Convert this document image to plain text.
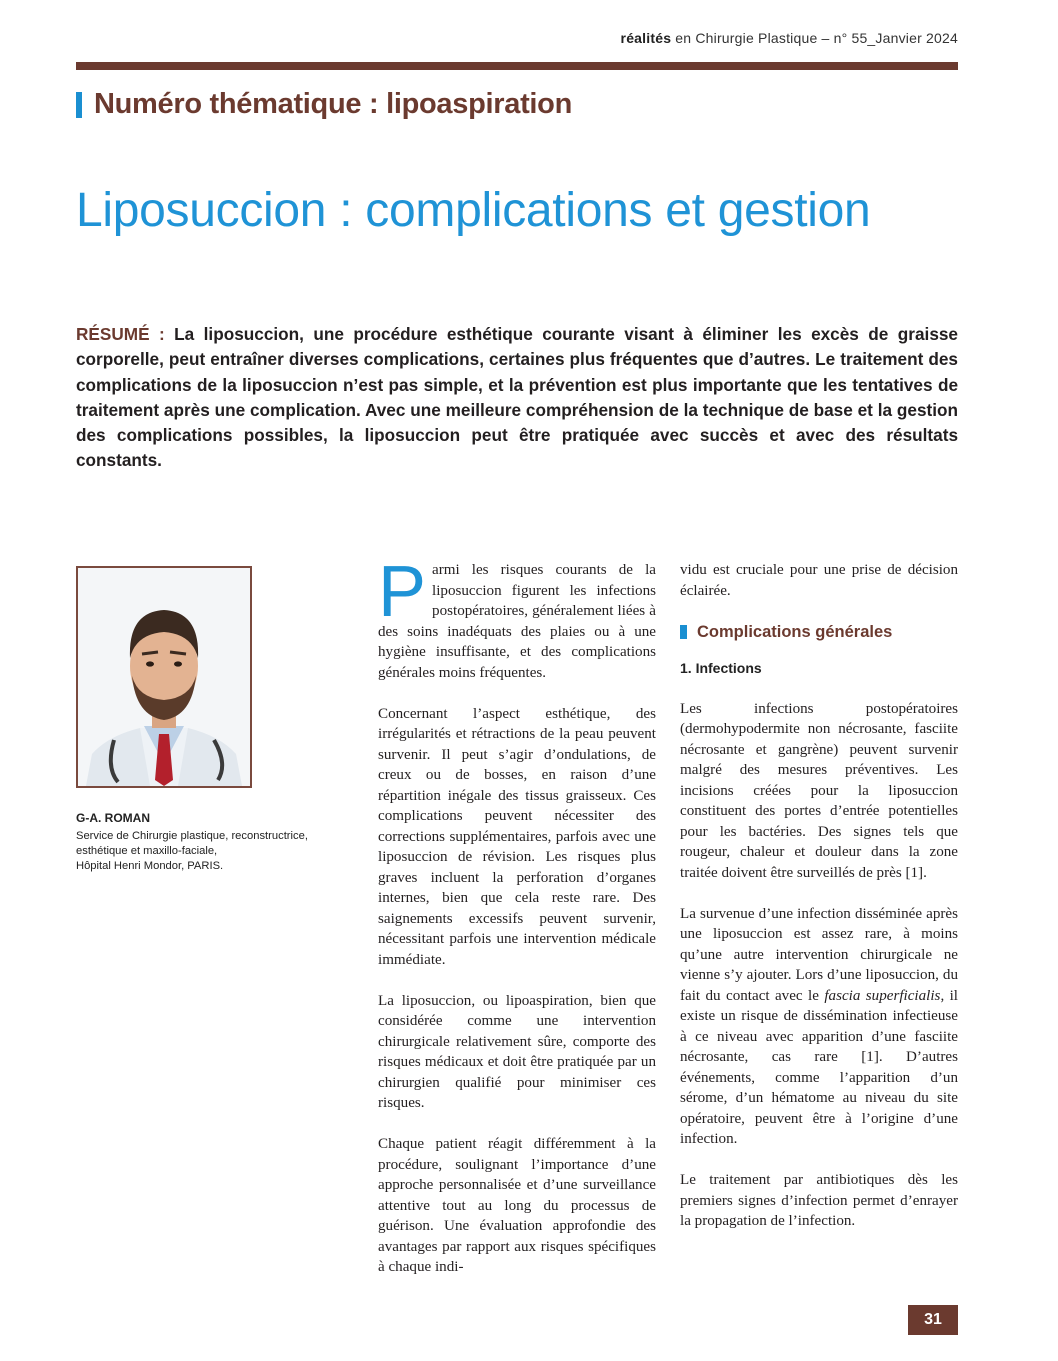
réalités en Chirurgie Plastique – n° 55_Janvier 2024
Numéro thématique : lipoaspiration
Liposuccion : complications et gestion
RÉSUMÉ : La liposuccion, une procédure esthétique courante visant à éliminer les excès de graisse corporelle, peut entraîner diverses complications, certaines plus fréquentes que d’autres. Le traitement des complications de la liposuccion n’est pas simple, et la prévention est plus importante que les tentatives de traitement après une complication. Avec une meilleure compréhension de la technique de base et la gestion des complications possibles, la liposuccion peut être pratiquée avec succès et avec des résultats constants.
G-A. ROMAN
Service de Chirurgie plastique, reconstructrice,
esthétique et maxillo-faciale,
Hôpital Henri Mondor, PARIS.

Parmi les risques courants de la liposuccion figurent les infections postopératoires, généralement liées à des soins inadéquats des plaies ou à une hygiène insuffisante, et des complications générales moins fréquentes.

Concernant l’aspect esthétique, des irrégularités et rétractions de la peau peuvent survenir. Il peut s’agir d’ondulations, de creux ou de bosses, en raison d’une répartition inégale des tissus graisseux. Ces complications peuvent nécessiter des corrections supplémentaires, parfois avec une liposuccion de révision. Les risques plus graves incluent la perforation d’organes internes, bien que cela reste rare. Des saignements excessifs peuvent survenir, nécessitant parfois une intervention médicale immédiate.

La liposuccion, ou lipoaspiration, bien que considérée comme une intervention chirurgicale relativement sûre, comporte des risques médicaux et doit être pratiquée par un chirurgien qualifié pour minimiser ces risques.

Chaque patient réagit différemment à la procédure, soulignant l’importance d’une approche personnalisée et d’une surveillance attentive tout au long du processus de guérison. Une évaluation approfondie des avantages par rapport aux risques spécifiques à chaque indi-

vidu est cruciale pour une prise de décision éclairée.

Complications générales
1. Infections

Les infections postopératoires (dermohypodermite non nécrosante, fasciite nécrosante et gangrène) peuvent survenir malgré des mesures préventives. Les incisions créées pour la liposuccion constituent des portes d’entrée potentielles pour les bactéries. Des signes tels que rougeur, chaleur et douleur dans la zone traitée doivent être surveillés de près [1].

La survenue d’une infection disséminée après une liposuccion est assez rare, à moins qu’une autre intervention chirurgicale ne vienne s’y ajouter. Lors d’une liposuccion, du fait du contact avec le fascia superficialis, il existe un risque de dissémination infectieuse à ce niveau avec apparition d’une fasciite nécrosante, cas rare [1]. D’autres événements, comme l’apparition d’un sérome, d’un hématome au niveau du site opératoire, peuvent être à l’origine d’une infection.

Le traitement par antibiotiques dès les premiers signes d’infection permet d’enrayer la propagation de l’infection.

31
